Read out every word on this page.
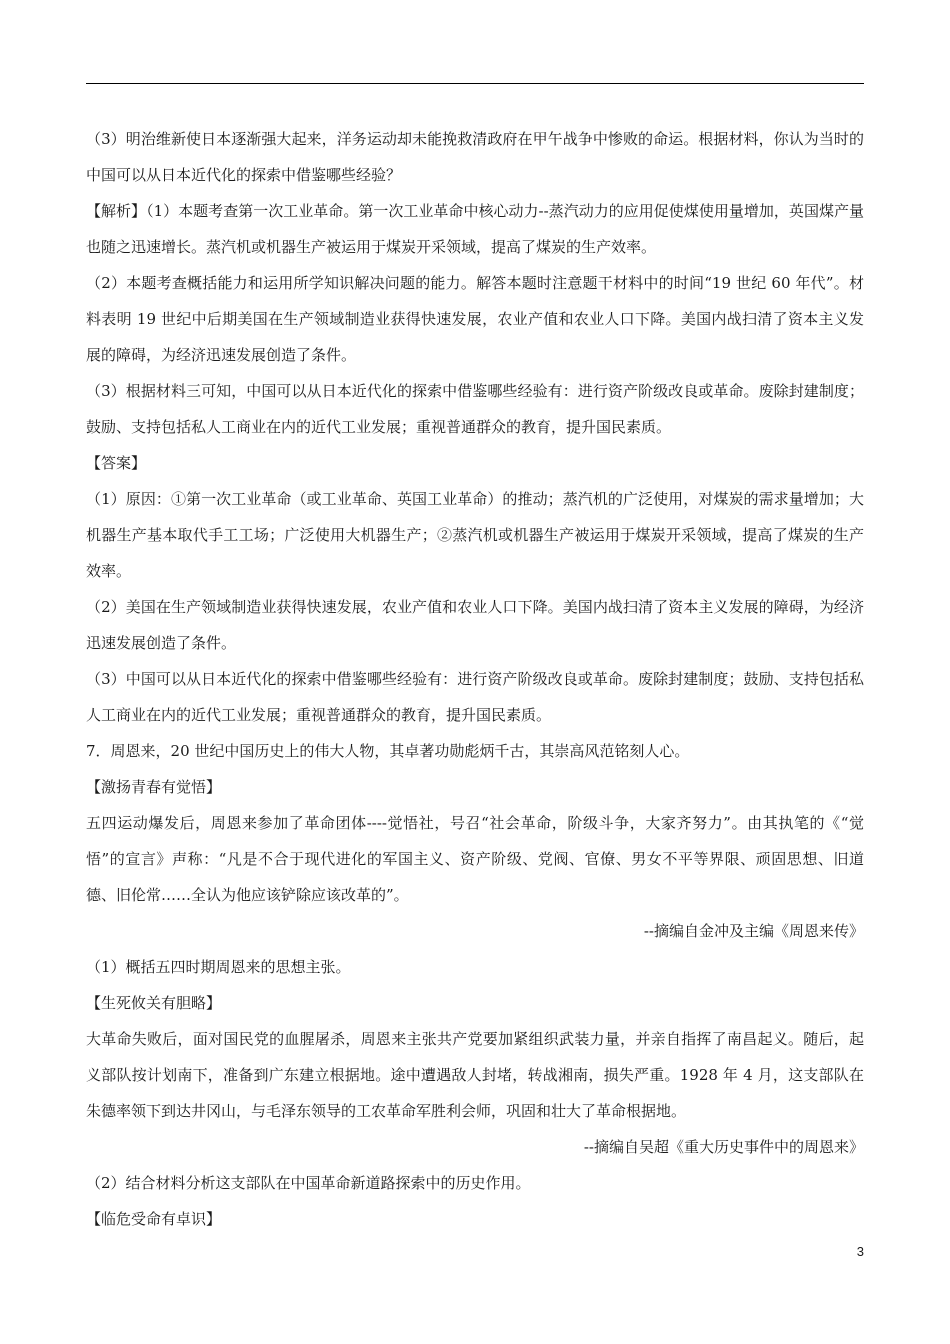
（3）明治维新使日本逐渐强大起来，洋务运动却未能挽救清政府在甲午战争中惨败的命运。根据材料，你认为当时的中国可以从日本近代化的探索中借鉴哪些经验？

【解析】（1）本题考查第一次工业革命。第一次工业革命中核心动力--蒸汽动力的应用促使煤使用量增加，英国煤产量也随之迅速增长。蒸汽机或机器生产被运用于煤炭开采领域，提高了煤炭的生产效率。

（2）本题考查概括能力和运用所学知识解决问题的能力。解答本题时注意题干材料中的时间“19 世纪 60 年代”。材料表明 19 世纪中后期美国在生产领域制造业获得快速发展，农业产值和农业人口下降。美国内战扫清了资本主义发展的障碍，为经济迅速发展创造了条件。

（3）根据材料三可知，中国可以从日本近代化的探索中借鉴哪些经验有：进行资产阶级改良或革命。废除封建制度；鼓励、支持包括私人工商业在内的近代工业发展；重视普通群众的教育，提升国民素质。

【答案】

（1）原因：①第一次工业革命（或工业革命、英国工业革命）的推动；蒸汽机的广泛使用，对煤炭的需求量增加；大机器生产基本取代手工工场；广泛使用大机器生产；②蒸汽机或机器生产被运用于煤炭开采领域，提高了煤炭的生产效率。

（2）美国在生产领域制造业获得快速发展，农业产值和农业人口下降。美国内战扫清了资本主义发展的障碍，为经济迅速发展创造了条件。

（3）中国可以从日本近代化的探索中借鉴哪些经验有：进行资产阶级改良或革命。废除封建制度；鼓励、支持包括私人工商业在内的近代工业发展；重视普通群众的教育，提升国民素质。

7．周恩来，20 世纪中国历史上的伟大人物，其卓著功勋彪炳千古，其崇高风范铭刻人心。

【激扬青春有觉悟】

五四运动爆发后，周恩来参加了革命团体----觉悟社，号召“社会革命，阶级斗争，大家齐努力”。由其执笔的《“觉悟”的宣言》声称：“凡是不合于现代进化的军国主义、资产阶级、党阀、官僚、男女不平等界限、顽固思想、旧道德、旧伦常……全认为他应该铲除应该改革的”。

--摘编自金冲及主编《周恩来传》

（1）概括五四时期周恩来的思想主张。

【生死攸关有胆略】

大革命失败后，面对国民党的血腥屠杀，周恩来主张共产党要加紧组织武装力量，并亲自指挥了南昌起义。随后，起义部队按计划南下，准备到广东建立根据地。途中遭遇敌人封堵，转战湘南，损失严重。1928 年 4 月，这支部队在朱德率领下到达井冈山，与毛泽东领导的工农革命军胜利会师，巩固和壮大了革命根据地。

--摘编自吴超《重大历史事件中的周恩来》

（2）结合材料分析这支部队在中国革命新道路探索中的历史作用。

【临危受命有卓识】

3
